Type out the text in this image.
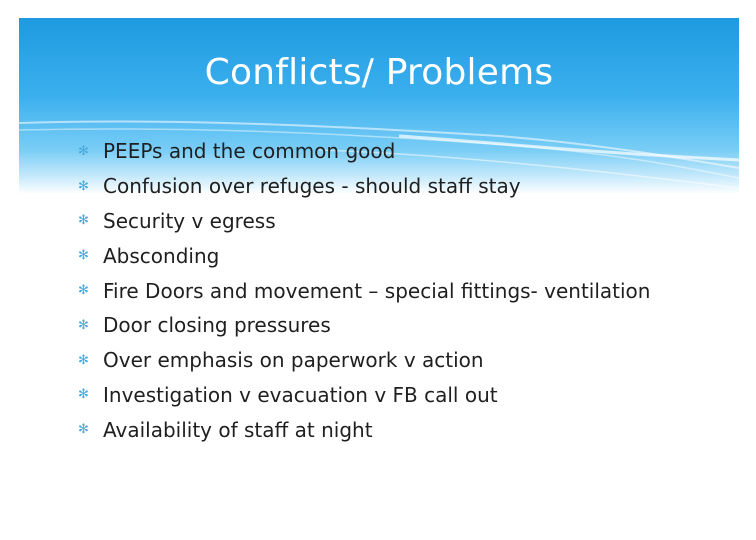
Conflicts/ Problems
✻ PEEPs and the common good
✻ Confusion over refuges - should staff stay
✻ Security v egress
✻ Absconding
✻ Fire Doors and movement – special fittings- ventilation
✻ Door closing pressures
✻ Over emphasis on paperwork v action
✻ Investigation v evacuation v FB call out
✻ Availability of staff at night
